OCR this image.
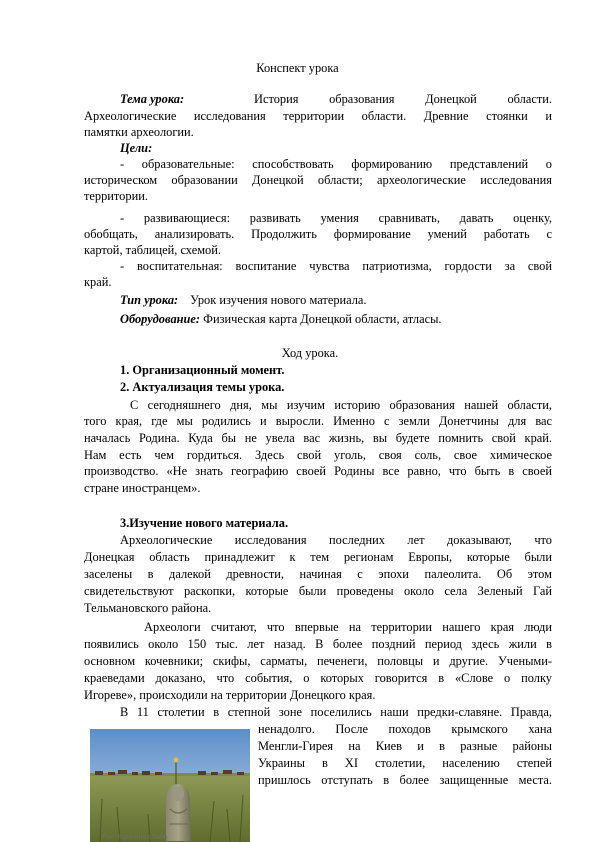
Конспект урока
Тема урока:	История образования Донецкой области.
Археологические исследования территории области. Древние стоянки и
памятки археологии.
Цели:
- образовательные: способствовать формированию представлений о
историческом образовании Донецкой области; археологические исследования
территории.
- развивающиеся: развивать умения сравнивать, давать оценку,
обобщать, анализировать. Продолжить формирование умений работать с
картой, таблицей, схемой.
- воспитательная: воспитание чувства патриотизма, гордости за свой
край.
Тип урока: Урок изучения нового материала.
Оборудование: Физическая карта Донецкой области, атласы.
Ход урока.
1. Организационный момент.
2. Актуализация темы урока.
С сегодняшнего дня, мы изучим историю образования нашей области,
того края, где мы родились и выросли. Именно с земли Донетчины для вас
началась Родина. Куда бы не увела вас жизнь, вы будете помнить свой край.
Нам есть чем гордиться. Здесь свой уголь, своя соль, свое химическое
производство. «Не знать географию своей Родины все равно, что быть в своей
стране иностранцем».
3.Изучение нового материала.
Археологические исследования последних лет доказывают, что
Донецкая область принадлежит к тем регионам Европы, которые были
заселены в далекой древности, начиная с эпохи палеолита. Об этом
свидетельствуют раскопки, которые были проведены около села Зеленый Гай
Тельмановского района.
Археологи считают, что впервые на территории нашего края люди
появились около 150 тыс. лет назад. В более поздний период здесь жили в
основном кочевники; скифы, сарматы, печенеги, половцы и другие. Учеными-
краеведами доказано, что события, о которых говорится в «Слове о полку
Игореве», происходили на территории Донецкого края.
В 11 столетии в степной зоне поселились наши предки-славяне. Правда,
ненадолго. После походов крымского хана
Менгли-Гирея на Киев и в разные районы
Украины в XI столетии, населению степей
пришлось отступать в более защищенные места.
Рис. Каменная баба
